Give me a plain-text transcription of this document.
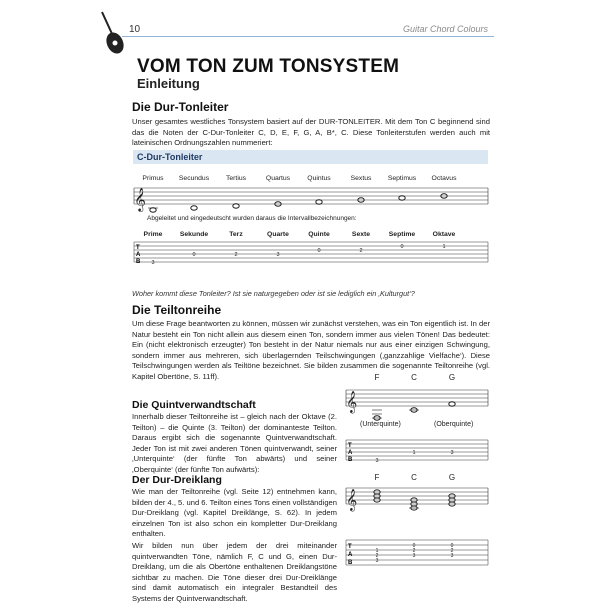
10	Guitar Chord Colours
VOM TON ZUM TONSYSTEM
Einleitung
Die Dur-Tonleiter
Unser gesamtes westliches Tonsystem basiert auf der DUR-TONLEITER. Mit dem Ton C beginnend sind das die Noten der C-Dur-Tonleiter C, D, E, F, G, A, B*, C. Diese Tonleiterstufen werden auch mit lateinischen Ordnungszahlen nummeriert:
C-Dur-Tonleiter
Primus Secundus Tertius	Quartus	Quintus	Sextus Septimus Octavus
𝄞
Abgeleitet und eingedeutscht wurden daraus die Intervallbezeichnungen:
Prime	Sekunde	Terz	Quarte	Quinte	Sexte	Septime	Oktave
T
A
B 3
0	2	3
0	2
0	1
Woher kommt diese Tonleiter? Ist sie naturgegeben oder ist sie lediglich ein ‚Kulturgut‘?
Die Teiltonreihe
Um diese Frage beantworten zu können, müssen wir zunächst verstehen, was ein Ton eigentlich ist. In der Natur besteht ein Ton nicht allein aus diesem einen Ton, sondern immer aus vielen Tönen! Das bedeutet: Ein (nicht elektronisch erzeugter) Ton besteht in der Natur niemals nur aus einer einzigen Schwingung, sondern immer aus mehreren, sich überlagernden Teilschwingungen (‚ganzzahlige Vielfache‘). Diese Teilschwingungen werden als Teiltöne bezeichnet. Sie bilden zusammen die sogenannte Teiltonreihe (vgl. Kapitel Obertöne, S. 11ff).
Die Quintverwandtschaft
Innerhalb dieser Teiltonreihe ist – gleich nach der Oktave (2. Teilton) – die Quinte (3. Teilton) der dominanteste Teilton. Daraus ergibt sich die sogenannte Quintverwandtschaft. Jeder Ton ist mit zwei anderen Tönen quintverwandt, seiner ‚Unterquinte‘ (der fünfte Ton abwärts) und seiner ‚Oberquinte‘ (der fünfte Ton aufwärts):
F	C	G
𝄞
(Unterquinte)	(Oberquinte)
T
A
B	3
1	3
Der Dur-Dreiklang
Wie man der Teiltonreihe (vgl. Seite 12) entnehmen kann, bilden der 4., 5. und 6. Teilton eines Tons einen vollständigen Dur-Dreiklang (vgl. Kapitel Dreiklänge, S. 62). In jedem einzelnen Ton ist also schon ein kompletter Dur-Dreiklang enthalten.
Wir bilden nun über jedem der drei miteinander quintverwandten Töne, nämlich F, C und G, einen Dur-Dreiklang, um die als Obertöne enthaltenen Dreiklangstöne sichtbar zu machen. Die Töne dieser drei Dur-Dreiklänge sind damit automatisch ein integraler Bestandteil des Systems der Quintverwandtschaft.
F	C	G
𝄞
T
A
B
1
2
3
0
2
3
0
2
3
